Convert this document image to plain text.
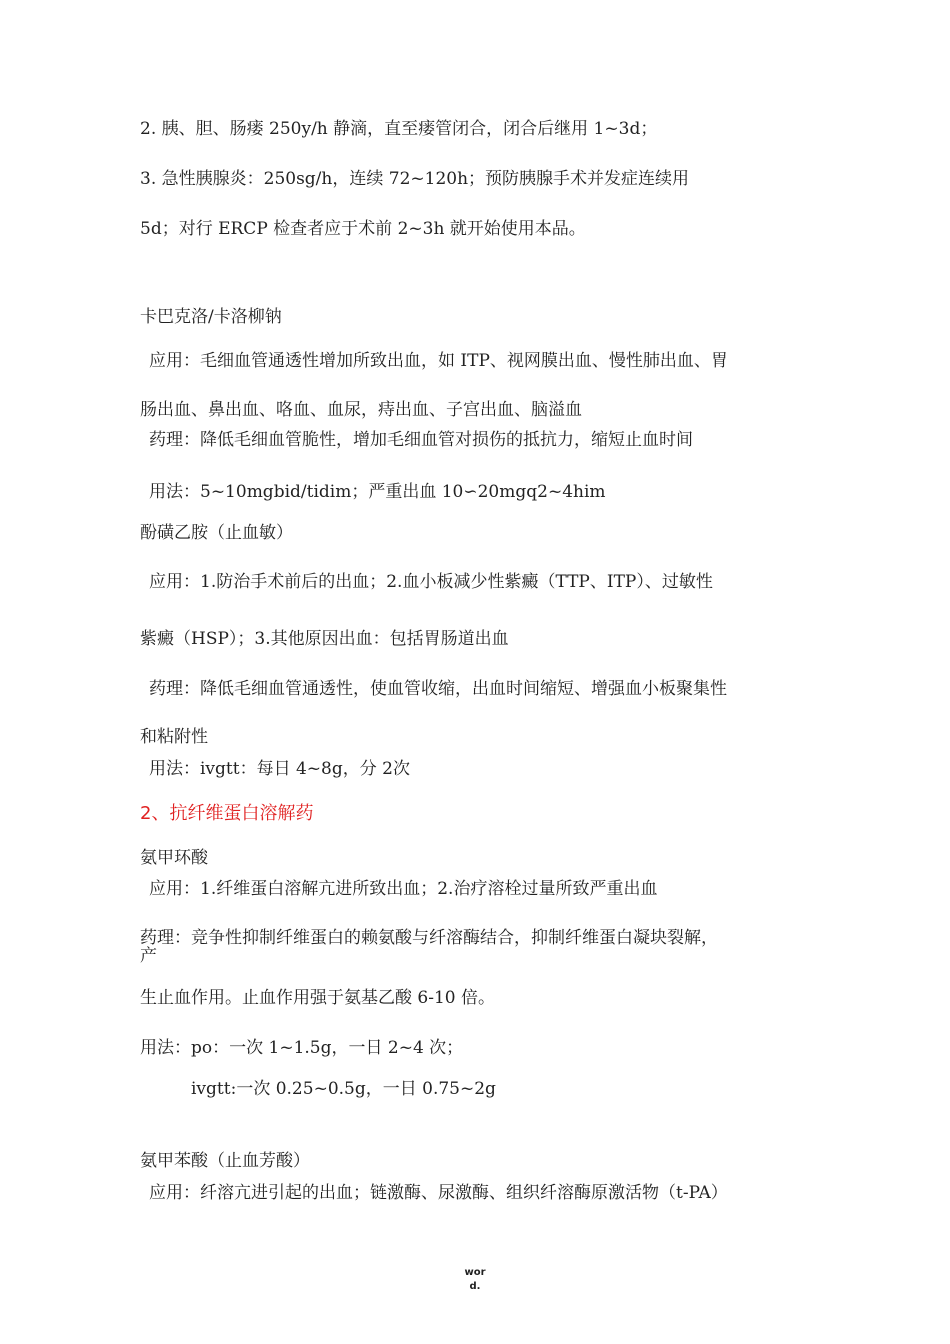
2. 胰、胆、肠瘘 250y/h 静滴，直至瘘管闭合，闭合后继用 1~3d；
3. 急性胰腺炎：250sg/h，连续 72~120h；预防胰腺手术并发症连续用
5d；对行 ERCP 检查者应于术前 2~3h 就开始使用本品。
卡巴克洛/卡洛柳钠
应用：毛细血管通透性增加所致出血，如 ITP、视网膜出血、慢性肺出血、胃
肠出血、鼻出血、咯血、血尿，痔出血、子宫出血、脑溢血
药理：降低毛细血管脆性，增加毛细血管对损伤的抵抗力，缩短止血时间
用法：5~10mgbid/tidim；严重出血 10∽20mgq2~4him
酚磺乙胺（止血敏）
应用：1.防治手术前后的出血；2.血小板减少性紫癜（TTP、ITP）、过敏性
紫癜（HSP）；3.其他原因出血：包括胃肠道出血
药理：降低毛细血管通透性，使血管收缩，出血时间缩短、增强血小板聚集性
和粘附性
用法：ivgtt：每日 4~8g，分 2次
2、抗纤维蛋白溶解药
氨甲环酸
应用：1.纤维蛋白溶解亢进所致出血；2.治疗溶栓过量所致严重出血
药理：竞争性抑制纤维蛋白的赖氨酸与纤溶酶结合，抑制纤维蛋白凝块裂解，
产
生止血作用。止血作用强于氨基乙酸 6-10 倍。
用法：po：一次 1~1.5g，一日 2~4 次；
ivgtt:一次 0.25~0.5g，一日 0.75~2g
氨甲苯酸（止血芳酸）
应用：纤溶亢进引起的出血；链激酶、尿激酶、组织纤溶酶原激活物（t-PA）
wor
d.
